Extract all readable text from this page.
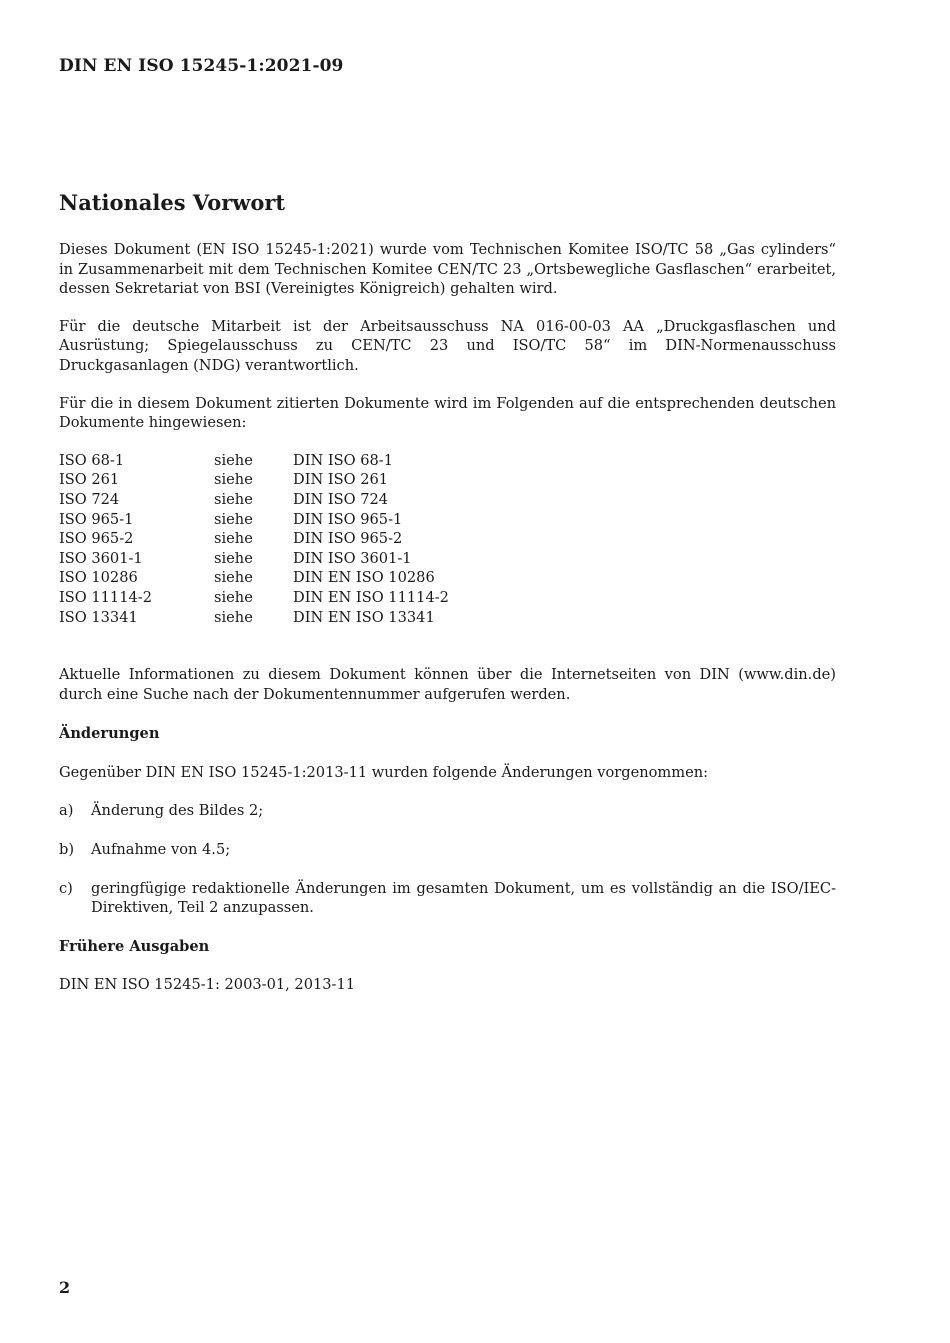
DIN EN ISO 15245-1:2021-09
Nationales Vorwort

Dieses Dokument (EN ISO 15245-1:2021) wurde vom Technischen Komitee ISO/TC 58 „Gas cylinders“ in Zusammenarbeit mit dem Technischen Komitee CEN/TC 23 „Ortsbewegliche Gasflaschen“ erarbeitet, dessen Sekretariat von BSI (Vereinigtes Königreich) gehalten wird.

Für die deutsche Mitarbeit ist der Arbeitsausschuss NA 016-00-03 AA „Druckgasflaschen und Ausrüstung; Spiegelausschuss zu CEN/TC 23 und ISO/TC 58“ im DIN-Normenausschuss Druckgasanlagen (NDG) verantwortlich.

Für die in diesem Dokument zitierten Dokumente wird im Folgenden auf die entsprechenden deutschen Dokumente hingewiesen:

ISO 68-1	siehe	DIN ISO 68-1
ISO 261	siehe	DIN ISO 261
ISO 724	siehe	DIN ISO 724
ISO 965-1	siehe	DIN ISO 965-1
ISO 965-2	siehe	DIN ISO 965-2
ISO 3601-1	siehe	DIN ISO 3601-1
ISO 10286	siehe	DIN EN ISO 10286
ISO 11114-2	siehe	DIN EN ISO 11114-2
ISO 13341	siehe	DIN EN ISO 13341

Aktuelle Informationen zu diesem Dokument können über die Internetseiten von DIN (www.din.de) durch eine Suche nach der Dokumentennummer aufgerufen werden.

Änderungen

Gegenüber DIN EN ISO 15245-1:2013-11 wurden folgende Änderungen vorgenommen:

a) Änderung des Bildes 2;
b) Aufnahme von 4.5;
c) geringfügige redaktionelle Änderungen im gesamten Dokument, um es vollständig an die ISO/IEC-Direktiven, Teil 2 anzupassen.
Frühere Ausgaben

DIN EN ISO 15245-1: 2003-01, 2013-11

2
